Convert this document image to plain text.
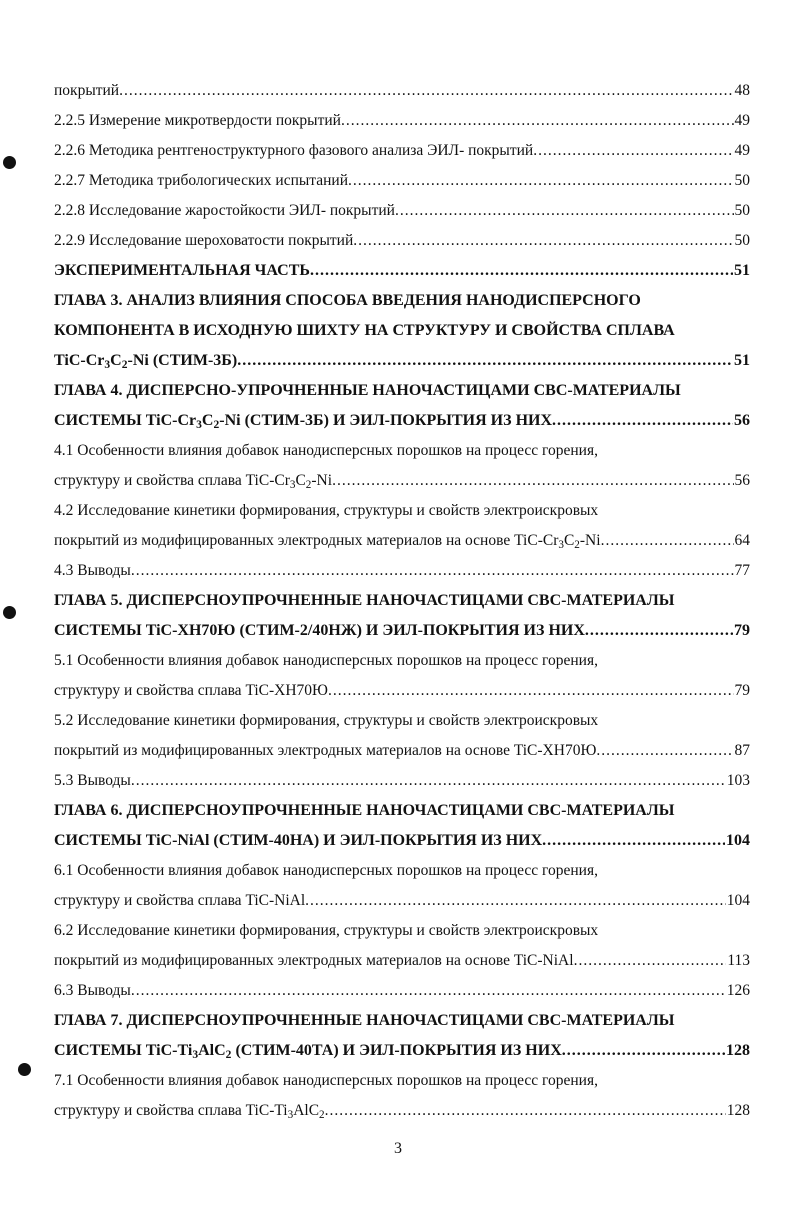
покрытий .....	48
2.2.5 Измерение микротвердости покрытий .....	49
2.2.6 Методика рентгеноструктурного фазового анализа ЭИЛ- покрытий .....	49
2.2.7 Методика трибологических испытаний .....	50
2.2.8 Исследование жаростойкости ЭИЛ- покрытий .....	50
2.2.9 Исследование шероховатости покрытий .....	50
ЭКСПЕРИМЕНТАЛЬНАЯ ЧАСТЬ .....	51
ГЛАВА 3. АНАЛИЗ ВЛИЯНИЯ СПОСОБА ВВЕДЕНИЯ НАНОДИСПЕРСНОГО
КОМПОНЕНТА В ИСХОДНУЮ ШИХТУ НА СТРУКТУРУ И СВОЙСТВА СПЛАВА
TiC-$Cr_3C_2-Ni$ (СТИМ-3Б) .....	51
ГЛАВА 4. ДИСПЕРСНО-УПРОЧНЕННЫЕ НАНОЧАСТИЦАМИ СВС-МАТЕРИАЛЫ
СИСТЕМЫ TiC-$Cr_3C_2-Ni$ (СТИМ-3Б) И ЭИЛ-ПОКРЫТИЯ ИЗ НИХ .....	56
4.1 Особенности влияния добавок нанодисперсных порошков на процесс горения,
структуру и свойства сплава TiC-$Cr_3C_2-Ni$ .....	56
4.2 Исследование кинетики формирования, структуры и свойств электроискровых
покрытий из модифицированных электродных материалов на основе TiC-$Cr_3C_2-Ni$ .....	64
4.3 Выводы .....	77
ГЛАВА 5. ДИСПЕРСНОУПРОЧНЕННЫЕ НАНОЧАСТИЦАМИ СВС-МАТЕРИАЛЫ
СИСТЕМЫ TiC-XH70Ю (СТИМ-2/40НЖ) И ЭИЛ-ПОКРЫТИЯ ИЗ НИХ .....	79
5.1 Особенности влияния добавок нанодисперсных порошков на процесс горения,
структуру и свойства сплава TiC-XH70Ю .....	79
5.2 Исследование кинетики формирования, структуры и свойств электроискровых
покрытий из модифицированных электродных материалов на основе TiC-XH70Ю .....	87
5.3 Выводы .....	103
ГЛАВА 6. ДИСПЕРСНОУПРОЧНЕННЫЕ НАНОЧАСТИЦАМИ СВС-МАТЕРИАЛЫ
СИСТЕМЫ TiC-NiAl (СТИМ-40НА) И ЭИЛ-ПОКРЫТИЯ ИЗ НИХ .....	104
6.1 Особенности влияния добавок нанодисперсных порошков на процесс горения,
структуру и свойства сплава TiC-NiAl .....	104
6.2 Исследование кинетики формирования, структуры и свойств электроискровых
покрытий из модифицированных электродных материалов на основе TiC-NiAl .....	113
6.3 Выводы .....	126
ГЛАВА 7. ДИСПЕРСНОУПРОЧНЕННЫЕ НАНОЧАСТИЦАМИ СВС-МАТЕРИАЛЫ
СИСТЕМЫ TiC-$Ti_3AlC_2$ (СТИМ-40ТА) И ЭИЛ-ПОКРЫТИЯ ИЗ НИХ .....	128
7.1 Особенности влияния добавок нанодисперсных порошков на процесс горения,
структуру и свойства сплава TiC-$Ti_3AlC_2$ .....	128
3
